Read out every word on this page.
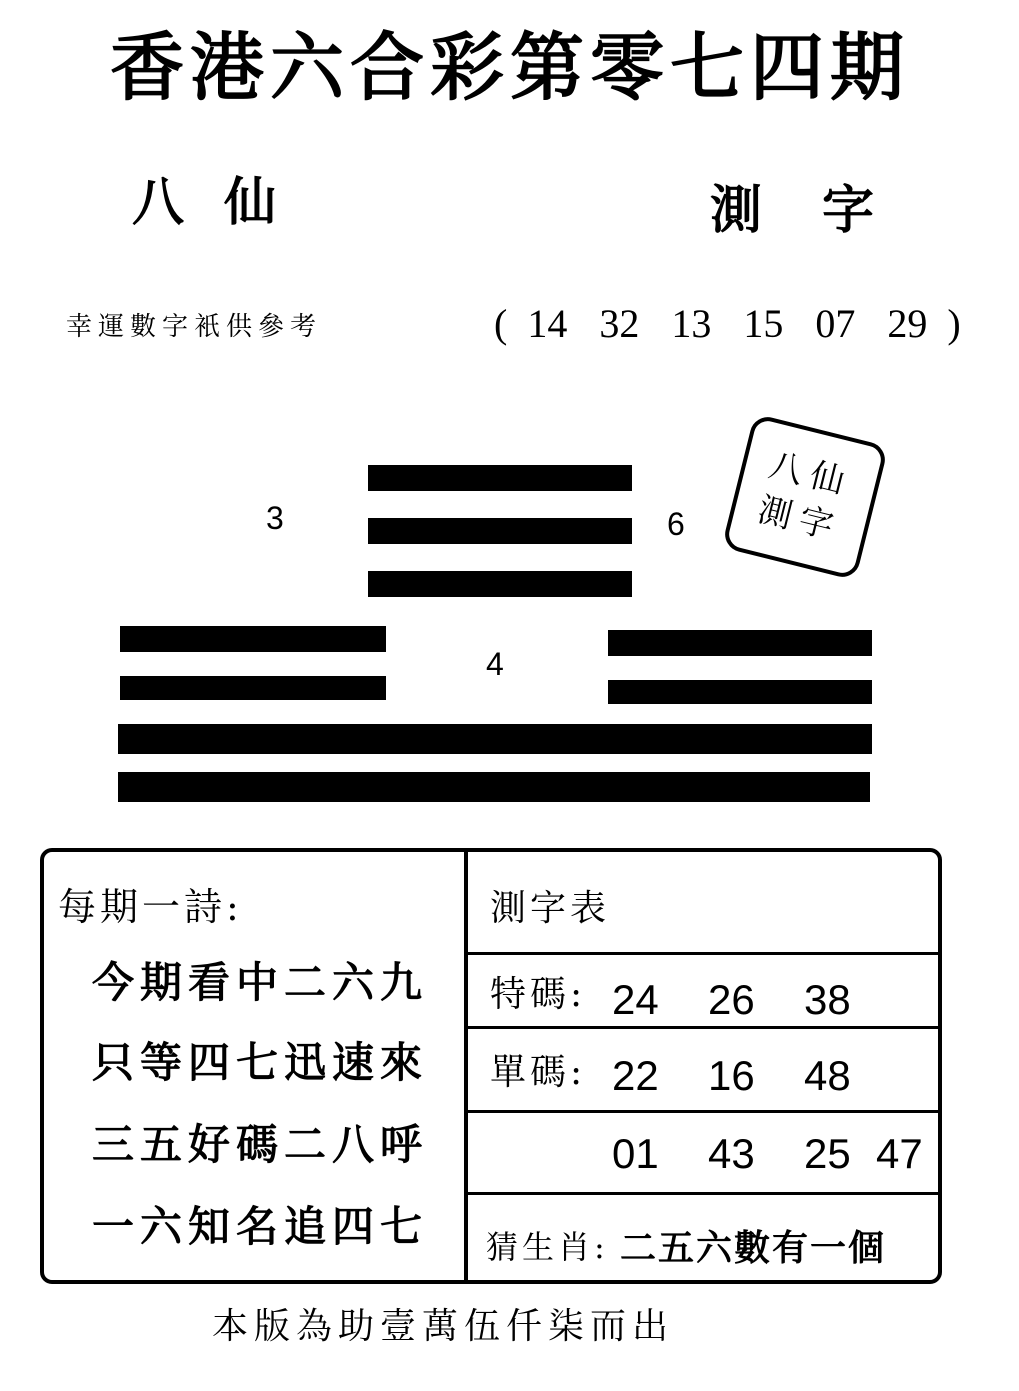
香港六合彩第零七四期
八仙	測字
幸運數字衹供參考	( 14 32 13 15 07 29 )
3	6
4
八仙
測字
每期一詩:
今期看中二六九
只等四七迅速來
三五好碼二八呼
一六知名追四七
測字表
特碼: 24	26	38
單碼: 22	16	48
01	43	25 47
猜生肖: 二五六數有一個
本版為助壹萬伍仟柒而出
